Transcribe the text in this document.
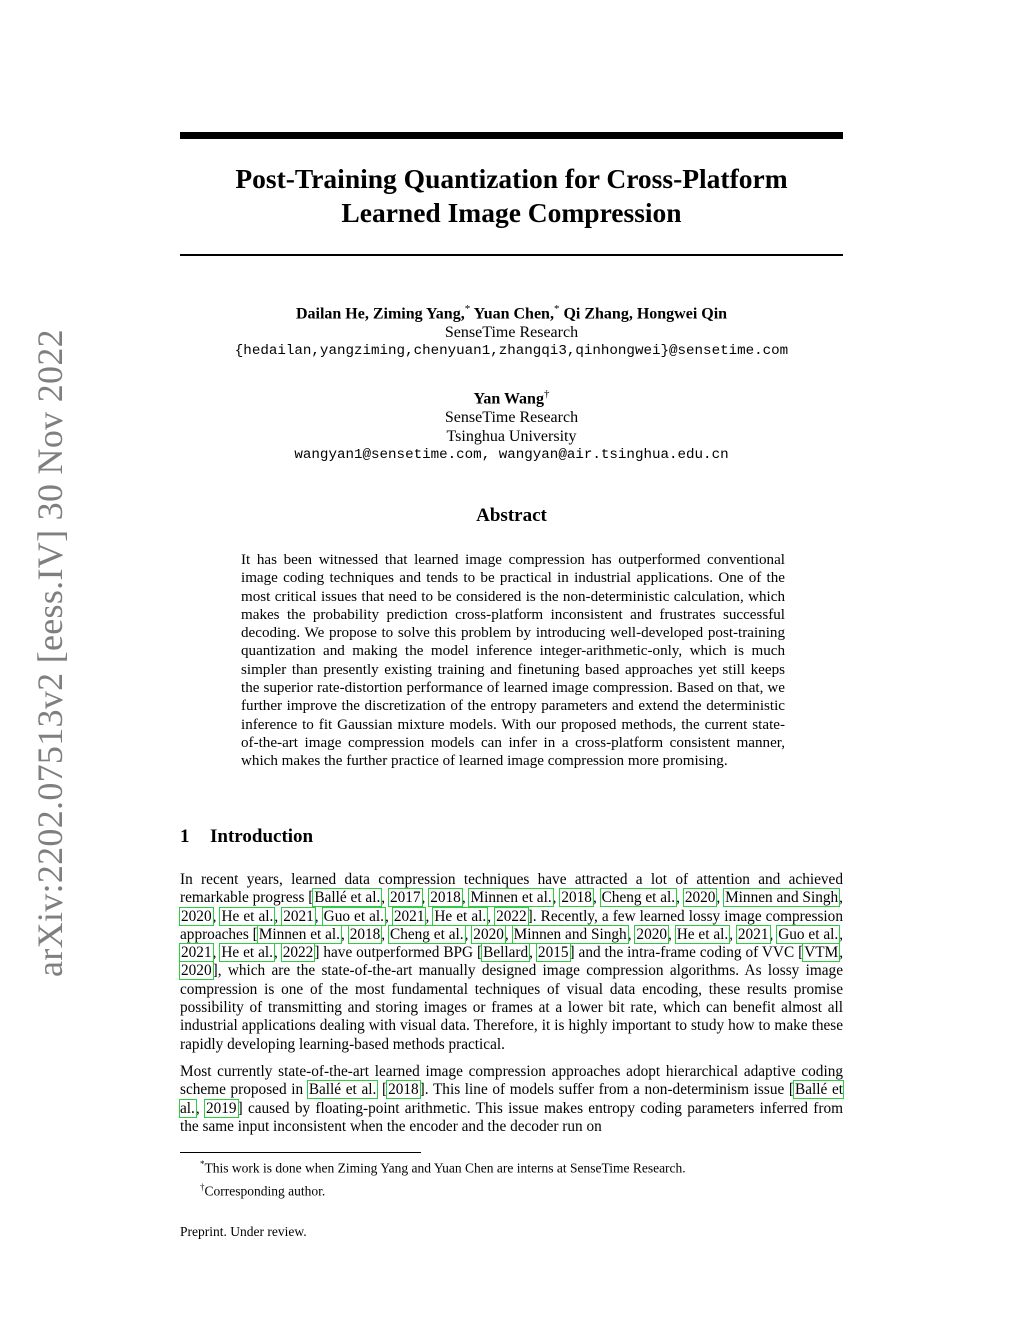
arXiv:2202.07513v2 [eess.IV] 30 Nov 2022
Post-Training Quantization for Cross-Platform
Learned Image Compression
Dailan He, Ziming Yang,* Yuan Chen,* Qi Zhang, Hongwei Qin
SenseTime Research
{hedailan,yangziming,chenyuan1,zhangqi3,qinhongwei}@sensetime.com
Yan Wang†
SenseTime Research
Tsinghua University
wangyan1@sensetime.com, wangyan@air.tsinghua.edu.cn
Abstract

It has been witnessed that learned image compression has outperformed conventional image coding techniques and tends to be practical in industrial applications. One of the most critical issues that need to be considered is the non-deterministic calculation, which makes the probability prediction cross-platform inconsistent and frustrates successful decoding. We propose to solve this problem by introducing well-developed post-training quantization and making the model inference integer-arithmetic-only, which is much simpler than presently existing training and finetuning based approaches yet still keeps the superior rate-distortion performance of learned image compression. Based on that, we further improve the discretization of the entropy parameters and extend the deterministic inference to fit Gaussian mixture models. With our proposed methods, the current state-of-the-art image compression models can infer in a cross-platform consistent manner, which makes the further practice of learned image compression more promising.

1 Introduction

In recent years, learned data compression techniques have attracted a lot of attention and achieved remarkable progress [Ballé et al., 2017, 2018, Minnen et al., 2018, Cheng et al., 2020, Minnen and Singh, 2020, He et al., 2021, Guo et al., 2021, He et al., 2022]. Recently, a few learned lossy image compression approaches [Minnen et al., 2018, Cheng et al., 2020, Minnen and Singh, 2020, He et al., 2021, Guo et al., 2021, He et al., 2022] have outperformed BPG [Bellard, 2015] and the intra-frame coding of VVC [VTM, 2020], which are the state-of-the-art manually designed image compression algorithms. As lossy image compression is one of the most fundamental techniques of visual data encoding, these results promise possibility of transmitting and storing images or frames at a lower bit rate, which can benefit almost all industrial applications dealing with visual data. Therefore, it is highly important to study how to make these rapidly developing learning-based methods practical.

Most currently state-of-the-art learned image compression approaches adopt hierarchical adaptive coding scheme proposed in Ballé et al. [2018]. This line of models suffer from a non-determinism issue [Ballé et al., 2019] caused by floating-point arithmetic. This issue makes entropy coding parameters inferred from the same input inconsistent when the encoder and the decoder run on

*This work is done when Ziming Yang and Yuan Chen are interns at SenseTime Research.
†Corresponding author.
Preprint. Under review.
